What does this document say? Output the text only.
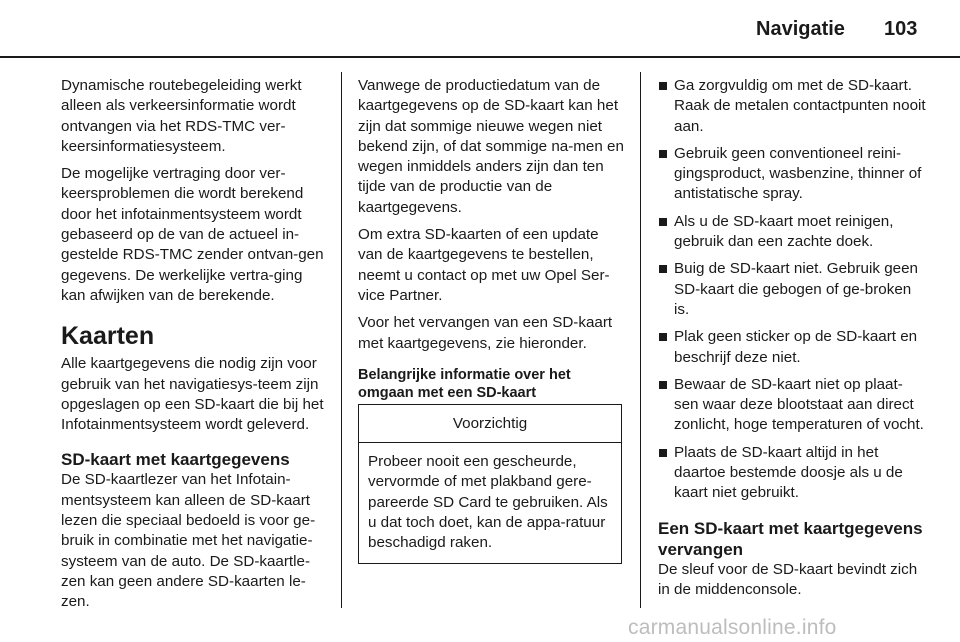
Navigatie 103

Dynamische routebegeleiding werkt alleen als verkeersinformatie wordt ontvangen via het RDS-TMC ver-keersinformatiesysteem.

De mogelijke vertraging door ver-keersproblemen die wordt berekend door het infotainmentsysteem wordt gebaseerd op de van de actueel in-gestelde RDS-TMC zender ontvan-gen gegevens. De werkelijke vertra-ging kan afwijken van de berekende.

Kaarten

Alle kaartgegevens die nodig zijn voor gebruik van het navigatiesys-teem zijn opgeslagen op een SD-kaart die bij het Infotainmentsysteem wordt geleverd.

SD-kaart met kaartgegevens

De SD-kaartlezer van het Infotain-mentsysteem kan alleen de SD-kaart lezen die speciaal bedoeld is voor ge-bruik in combinatie met het navigatie-systeem van de auto. De SD-kaartle-zen kan geen andere SD-kaarten le-zen.

Vanwege de productiedatum van de kaartgegevens op de SD-kaart kan het zijn dat sommige nieuwe wegen niet bekend zijn, of dat sommige na-men en wegen inmiddels anders zijn dan ten tijde van de productie van de kaartgegevens.

Om extra SD-kaarten of een update van de kaartgegevens te bestellen, neemt u contact op met uw Opel Ser-vice Partner.

Voor het vervangen van een SD-kaart met kaartgegevens, zie hieronder.

Belangrijke informatie over het omgaan met een SD-kaart
Voorzichtig
Probeer nooit een gescheurde, vervormde of met plakband gere-pareerde SD Card te gebruiken. Als u dat toch doet, kan de appa-ratuur beschadigd raken.
Ga zorgvuldig om met de SD-kaart. Raak de metalen contactpunten nooit aan.
Gebruik geen conventioneel reini-gingsproduct, wasbenzine, thinner of antistatische spray.
Als u de SD-kaart moet reinigen, gebruik dan een zachte doek.
Buig de SD-kaart niet. Gebruik geen SD-kaart die gebogen of ge-broken is.
Plak geen sticker op de SD-kaart en beschrijf deze niet.
Bewaar de SD-kaart niet op plaat-sen waar deze blootstaat aan direct zonlicht, hoge temperaturen of vocht.
Plaats de SD-kaart altijd in het daartoe bestemde doosje als u de kaart niet gebruikt.
Een SD-kaart met kaartgegevens vervangen

De sleuf voor de SD-kaart bevindt zich in de middenconsole.

carmanualsonline.info
